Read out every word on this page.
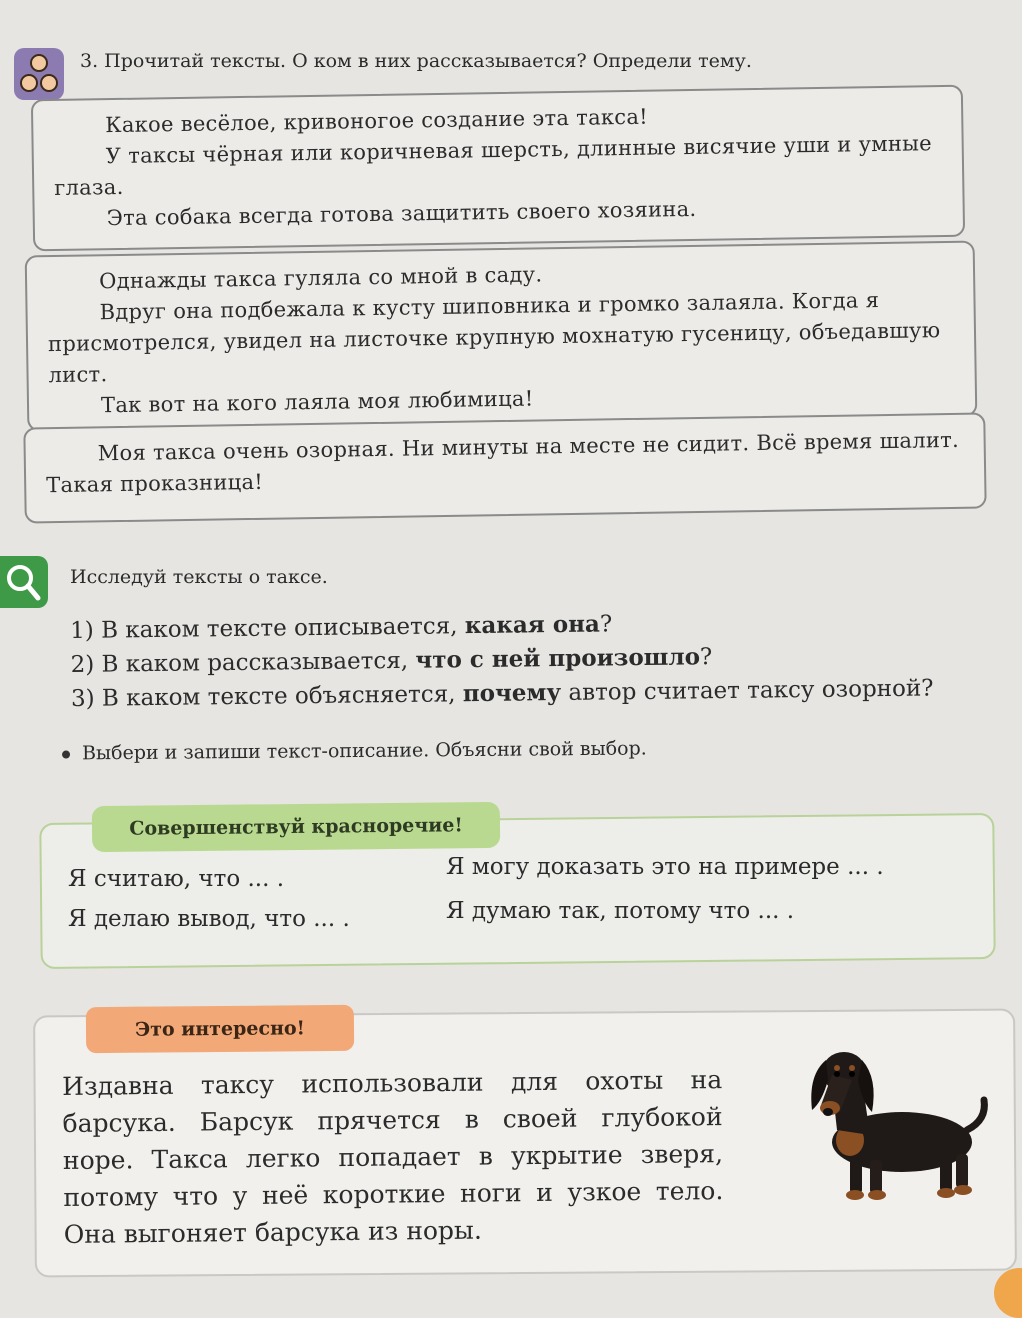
3. Прочитай тексты. О ком в них рассказывается? Определи тему.

Какое весёлое, кривоногое создание эта такса!

У таксы чёрная или коричневая шерсть, длинные висячие уши и умные глаза.

Эта собака всегда готова защитить своего хозяина.

Однажды такса гуляла со мной в саду.

Вдруг она подбежала к кусту шиповника и громко залаяла. Когда я присмотрелся, увидел на листочке крупную мохнатую гусеницу, объедавшую лист.

Так вот на кого лаяла моя любимица!

Моя такса очень озорная. Ни минуты на месте не сидит. Всё время шалит. Такая проказница!

Исследуй тексты о таксе.
1) В каком тексте описывается, какая она?
2) В каком рассказывается, что с ней произошло?
3) В каком тексте объясняется, почему автор считает таксу озорной?
Выбери и запиши текст-описание. Объясни свой выбор.
Совершенствуй красноречие!
Я считаю, что ... .
Я делаю вывод, что ... .
Я могу доказать это на примере ... .
Я думаю так, потому что ... .
Это интересно!
Издавна таксу использовали для охоты на
барсука. Барсук прячется в своей глубокой
норе. Такса легко попадает в укрытие зверя,
потому что у неё короткие ноги и узкое тело.
Она выгоняет барсука из норы.
